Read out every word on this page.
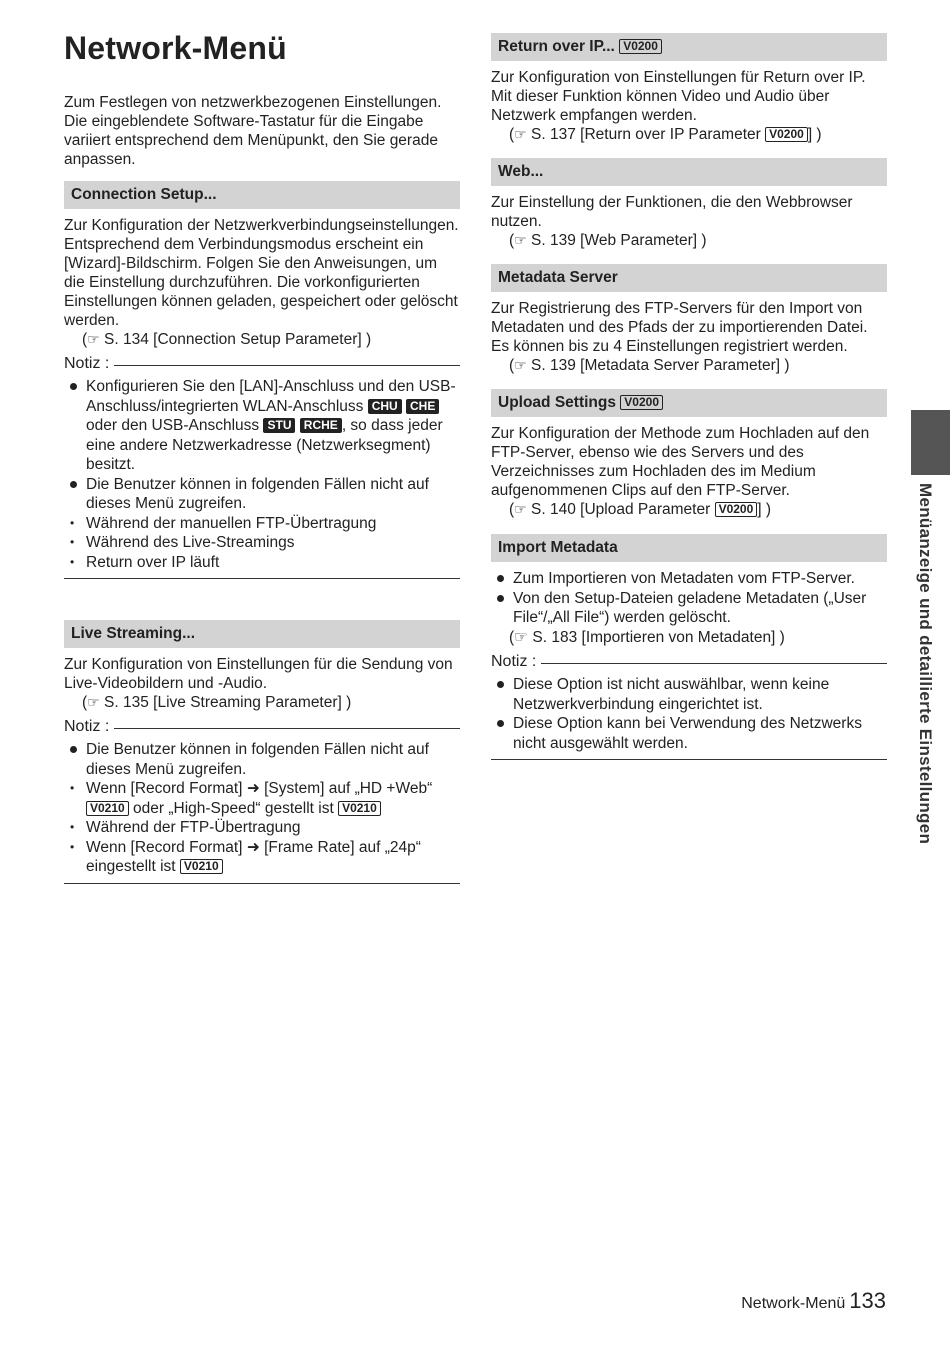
Network-Menü

Zum Festlegen von netzwerkbezogenen Einstellungen. Die eingeblendete Software-Tastatur für die Eingabe variiert entsprechend dem Menüpunkt, den Sie gerade anpassen.

Connection Setup...

Zur Konfiguration der Netzwerkverbindungseinstellungen. Entsprechend dem Verbindungsmodus erscheint ein [Wizard]-Bildschirm. Folgen Sie den Anweisungen, um die Einstellung durchzuführen. Die vorkonfigurierten Einstellungen können geladen, gespeichert oder gelöscht werden.

(☞ S. 134 [Connection Setup Parameter] )
Notiz :
Konfigurieren Sie den [LAN]-Anschluss und den USB-Anschluss/integrierten WLAN-Anschluss CHU CHE oder den USB-Anschluss STU RCHE , so dass jeder eine andere Netzwerkadresse (Netzwerksegment) besitzt.
Die Benutzer können in folgenden Fällen nicht auf dieses Menü zugreifen.
• Während der manuellen FTP-Übertragung
• Während des Live-Streamings
• Return over IP läuft
Live Streaming...

Zur Konfiguration von Einstellungen für die Sendung von Live-Videobildern und -Audio.

(☞ S. 135 [Live Streaming Parameter] )
Notiz :
Die Benutzer können in folgenden Fällen nicht auf dieses Menü zugreifen.
• Wenn [Record Format] ➜ [System] auf „HD +Web“V0210 oder „High-Speed“ gestellt ist V0210
• Während der FTP-Übertragung
• Wenn [Record Format] ➜ [Frame Rate] auf „24p“ eingestellt ist V0210
Return over IP... V0200

Zur Konfiguration von Einstellungen für Return over IP. Mit dieser Funktion können Video und Audio über Netzwerk empfangen werden.

(☞ S. 137 [Return over IP Parameter V0200 ] )
Web...

Zur Einstellung der Funktionen, die den Webbrowser nutzen.

(☞ S. 139 [Web Parameter] )
Metadata Server

Zur Registrierung des FTP-Servers für den Import von Metadaten und des Pfads der zu importierenden Datei. Es können bis zu 4 Einstellungen registriert werden.

(☞ S. 139 [Metadata Server Parameter] )
Upload Settings V0200

Zur Konfiguration der Methode zum Hochladen auf den FTP-Server, ebenso wie des Servers und des Verzeichnisses zum Hochladen des im Medium aufgenommenen Clips auf den FTP-Server.

(☞ S. 140 [Upload Parameter V0200 ] )
Import Metadata
Zum Importieren von Metadaten vom FTP-Server.
Von den Setup-Dateien geladene Metadaten („User File“/„All File“) werden gelöscht.
(☞ S. 183 [Importieren von Metadaten] )
Notiz :
Diese Option ist nicht auswählbar, wenn keine Netzwerkverbindung eingerichtet ist.
Diese Option kann bei Verwendung des Netzwerks nicht ausgewählt werden.	Menüanzeige und detaillierte Einstellungen
Network-Menü 133
